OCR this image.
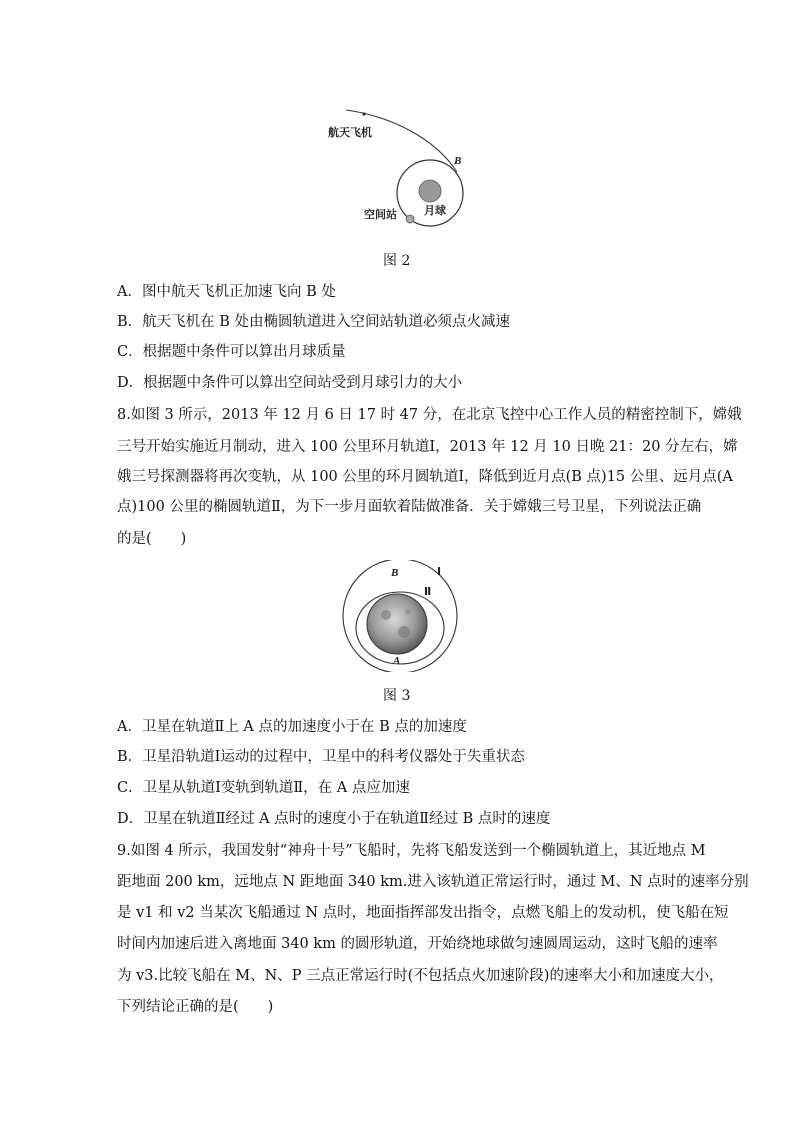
航天飞机
B
空间站 月球
图 2
A．图中航天飞机正加速飞向 B 处
B．航天飞机在 B 处由椭圆轨道进入空间站轨道必须点火减速
C．根据题中条件可以算出月球质量
D．根据题中条件可以算出空间站受到月球引力的大小
8.如图 3 所示，2013 年 12 月 6 日 17 时 47 分，在北京飞控中心工作人员的精密控制下，嫦娥
三号开始实施近月制动，进入 100 公里环月轨道Ⅰ，2013 年 12 月 10 日晚 21：20 分左右，嫦
娥三号探测器将再次变轨，从 100 公里的环月圆轨道Ⅰ，降低到近月点(B 点)15 公里、远月点(A
点)100 公里的椭圆轨道Ⅱ，为下一步月面软着陆做准备．关于嫦娥三号卫星，下列说法正确
的是(　　)
B
A
Ⅰ
Ⅱ
图 3
A．卫星在轨道Ⅱ上 A 点的加速度小于在 B 点的加速度
B．卫星沿轨道Ⅰ运动的过程中，卫星中的科考仪器处于失重状态
C．卫星从轨道Ⅰ变轨到轨道Ⅱ，在 A 点应加速
D．卫星在轨道Ⅱ经过 A 点时的速度小于在轨道Ⅱ经过 B 点时的速度
9.如图 4 所示，我国发射“神舟十号”飞船时，先将飞船发送到一个椭圆轨道上，其近地点 M
距地面 200 km，远地点 N 距地面 340 km.进入该轨道正常运行时，通过 M、N 点时的速率分别
是 v1 和 v2 当某次飞船通过 N 点时，地面指挥部发出指令，点燃飞船上的发动机，使飞船在短
时间内加速后进入离地面 340 km 的圆形轨道，开始绕地球做匀速圆周运动，这时飞船的速率
为 v3.比较飞船在 M、N、P 三点正常运行时(不包括点火加速阶段)的速率大小和加速度大小，
下列结论正确的是(　　)
